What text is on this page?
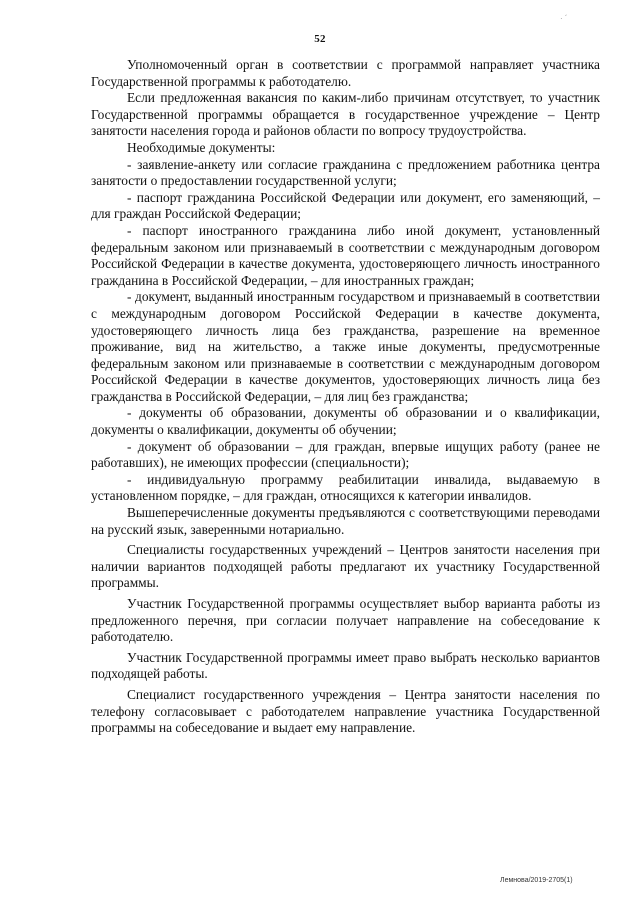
· ´
52

Уполномоченный орган в соответствии с программой направляет участника Государственной программы к работодателю.

Если предложенная вакансия по каким-либо причинам отсутствует, то участник Государственной программы обращается в государственное учреждение – Центр занятости населения города и районов области по вопросу трудоустройства.

Необходимые документы:

- заявление-анкету или согласие гражданина с предложением работника центра занятости о предоставлении государственной услуги;

- паспорт гражданина Российской Федерации или документ, его заменяющий, – для граждан Российской Федерации;

- паспорт иностранного гражданина либо иной документ, установленный федеральным законом или признаваемый в соответствии с международным договором Российской Федерации в качестве документа, удостоверяющего личность иностранного гражданина в Российской Федерации, – для иностранных граждан;

- документ, выданный иностранным государством и признаваемый в соответствии с международным договором Российской Федерации в качестве документа, удостоверяющего личность лица без гражданства, разрешение на временное проживание, вид на жительство, а также иные документы, предусмотренные федеральным законом или признаваемые в соответствии с международным договором Российской Федерации в качестве документов, удостоверяющих личность лица без гражданства в Российской Федерации, – для лиц без гражданства;

- документы об образовании, документы об образовании и о квалификации, документы о квалификации, документы об обучении;

- документ об образовании – для граждан, впервые ищущих работу (ранее не работавших), не имеющих профессии (специальности);

- индивидуальную программу реабилитации инвалида, выдаваемую в установленном порядке, – для граждан, относящихся к категории инвалидов.

Вышеперечисленные документы предъявляются с соответствующими переводами на русский язык, заверенными нотариально.

Специалисты государственных учреждений – Центров занятости населения при наличии вариантов подходящей работы предлагают их участнику Государственной программы.

Участник Государственной программы осуществляет выбор варианта работы из предложенного перечня, при согласии получает направление на собеседование к работодателю.

Участник Государственной программы имеет право выбрать несколько вариантов подходящей работы.

Специалист государственного учреждения – Центра занятости населения по телефону согласовывает с работодателем направление участника Государственной программы на собеседование и выдает ему направление.

Лемнова/2019-2705(1)
